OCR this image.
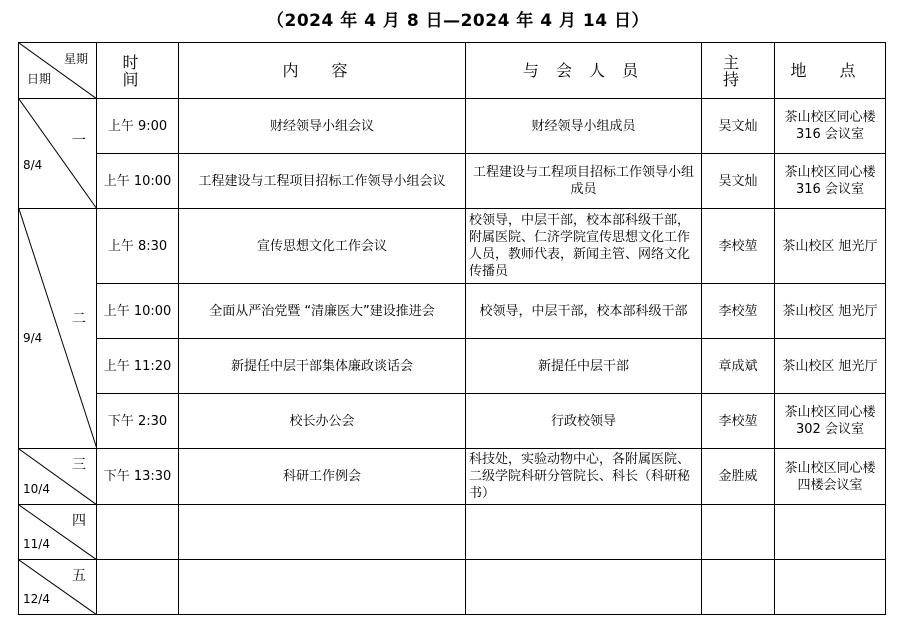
（2024 年 4 月 8 日—2024 年 4 月 14 日）
星期
日期	时 间	内 容	与 会 人 员	主 持	地 点

一
8/4	上午 9:00	财经领导小组会议	财经领导小组成员	吴文灿	茶山校区同心楼 316 会议室
	上午 10:00	工程建设与工程项目招标工作领导小组会议	工程建设与工程项目招标工作领导小组成员	吴文灿	茶山校区同心楼 316 会议室

二
9/4	上午 8:30	宣传思想文化工作会议	校领导，中层干部，校本部科级干部，附属医院、仁济学院宣传思想文化工作人员，教师代表，新闻主管、网络文化传播员	李校堃	茶山校区 旭光厅
	上午 10:00	全面从严治党暨 “清廉医大”建设推进会	校领导，中层干部，校本部科级干部	李校堃	茶山校区 旭光厅
	上午 11:20	新提任中层干部集体廉政谈话会	新提任中层干部	章成斌	茶山校区 旭光厅
	下午 2:30	校长办公会	行政校领导	李校堃	茶山校区同心楼 302 会议室

三
10/4	下午 13:30	科研工作例会	科技处，实验动物中心，各附属医院、二级学院科研分管院长、科长（科研秘书）	金胜威	茶山校区同心楼 四楼会议室

四
11/4					

五
12/4					
